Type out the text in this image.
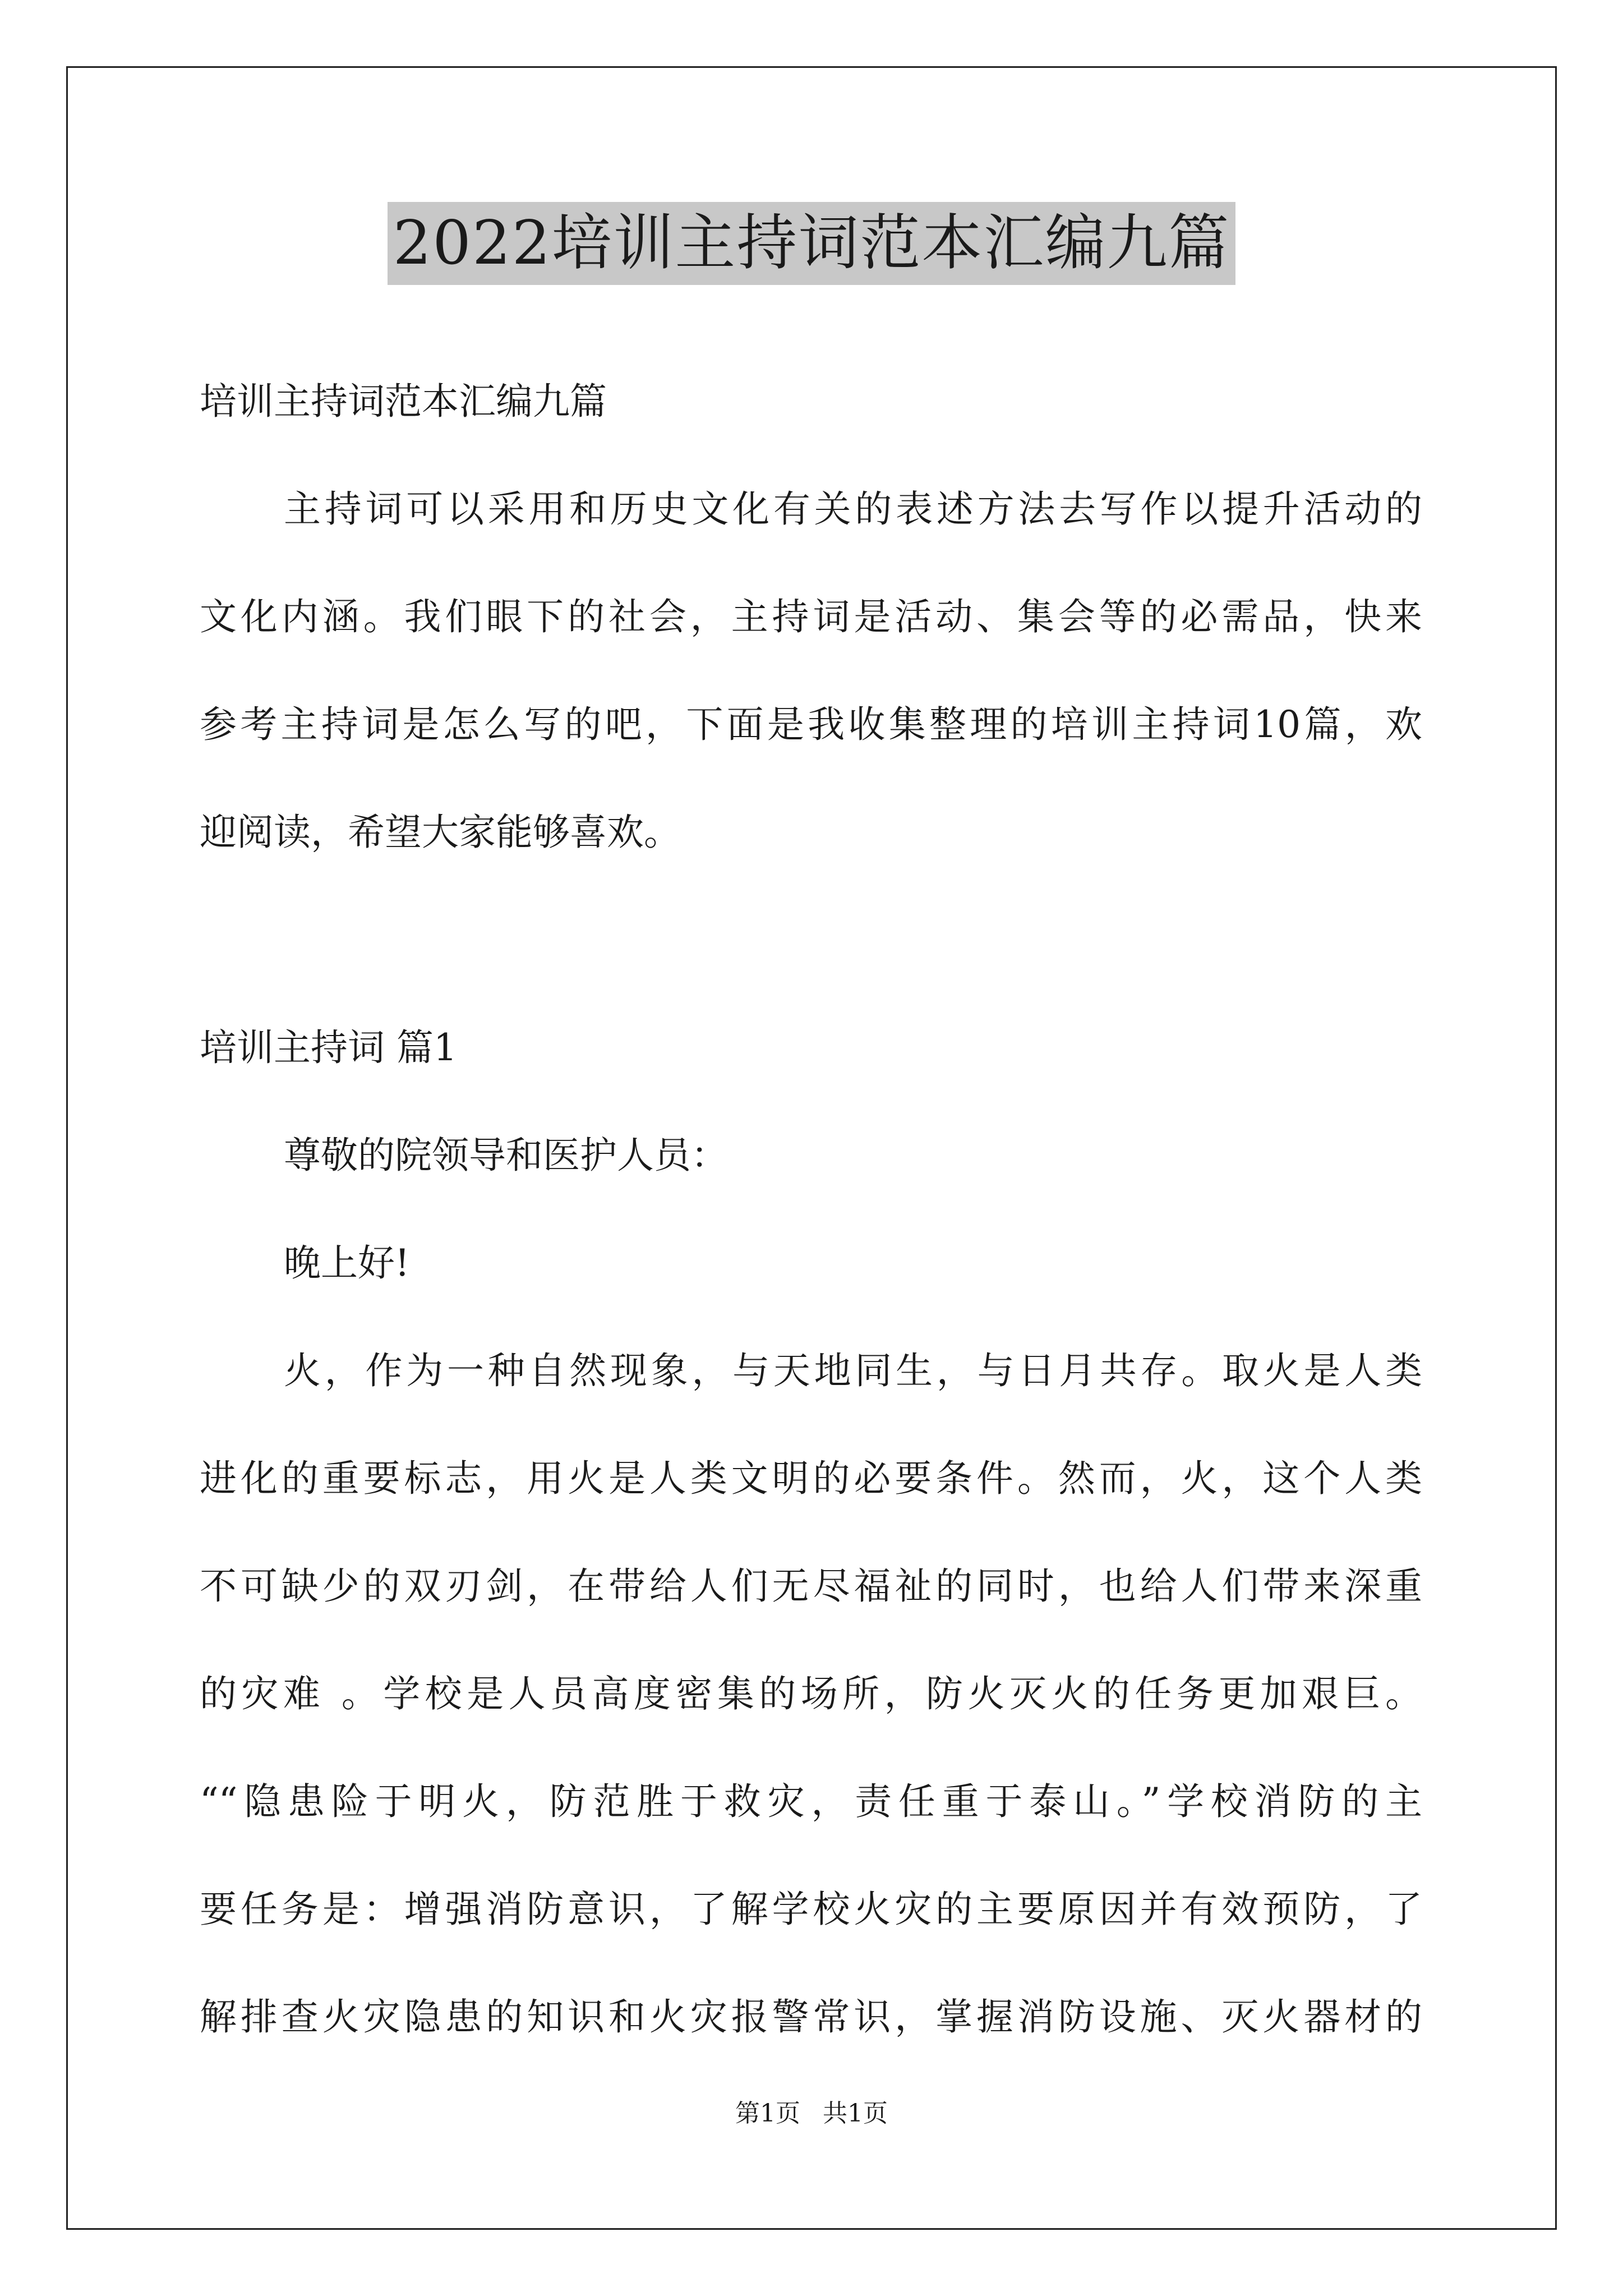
2022培训主持词范本汇编九篇
培训主持词范本汇编九篇
主持词可以采用和历史文化有关的表述方法去写作以提升活动的
文化内涵。我们眼下的社会，主持词是活动、集会等的必需品，快来
参考主持词是怎么写的吧，下面是我收集整理的培训主持词10篇，欢
迎阅读，希望大家能够喜欢。
培训主持词 篇1
尊敬的院领导和医护人员：
晚上好!
火，作为一种自然现象，与天地同生，与日月共存。取火是人类
进化的重要标志，用火是人类文明的必要条件。然而，火，这个人类
不可缺少的双刃剑，在带给人们无尽福祉的同时，也给人们带来深重
的灾难 。学校是人员高度密集的场所，防火灭火的任务更加艰巨。
““隐患险于明火，防范胜于救灾，责任重于泰山。”学校消防的主
要任务是：增强消防意识，了解学校火灾的主要原因并有效预防，了
解排查火灾隐患的知识和火灾报警常识，掌握消防设施、灭火器材的
第1页 共1页
